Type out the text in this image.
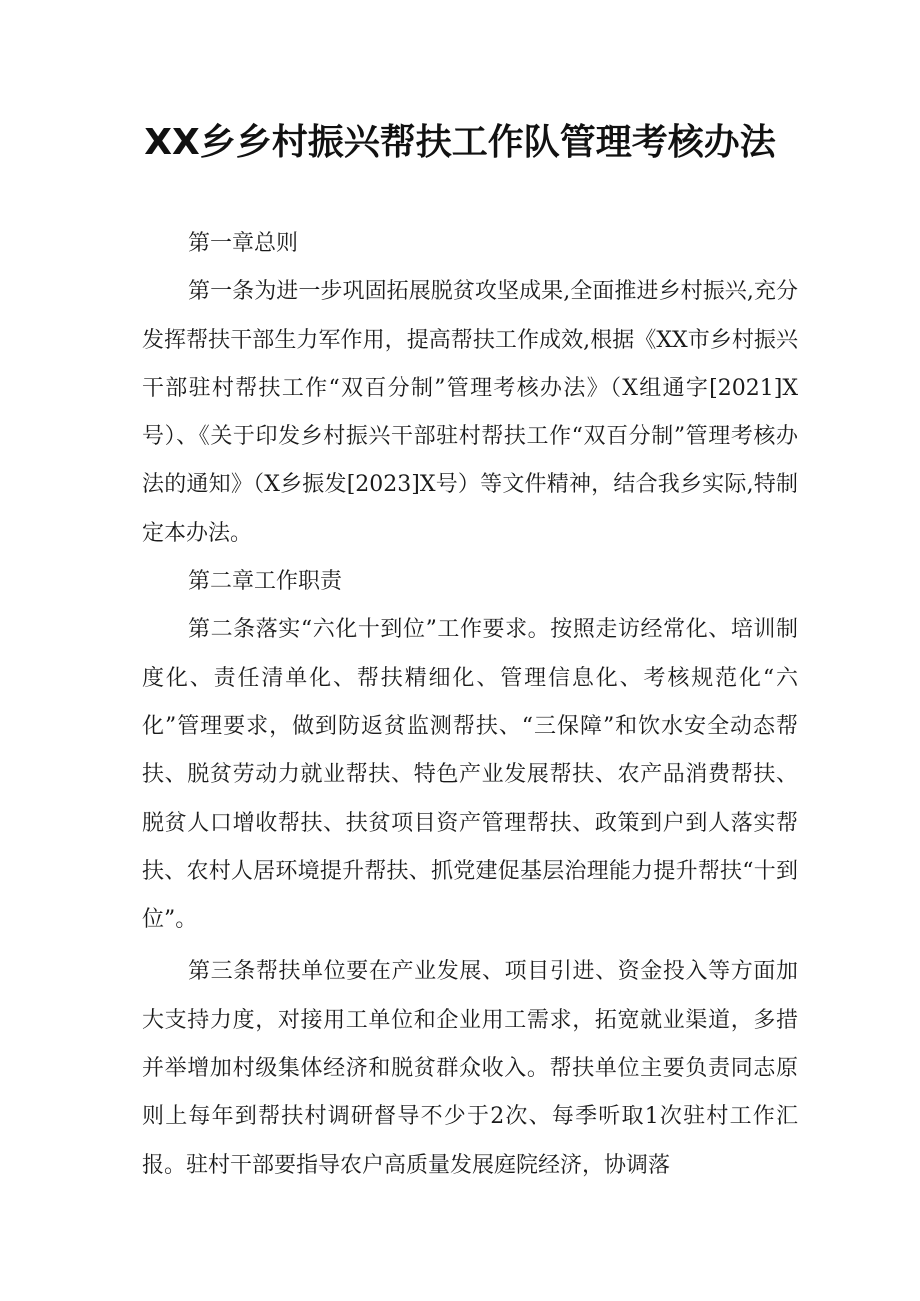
XX乡乡村振兴帮扶工作队管理考核办法

第一章总则

第一条为进一步巩固拓展脱贫攻坚成果,全面推进乡村振兴,充分发挥帮扶干部生力军作用，提高帮扶工作成效,根据《XX市乡村振兴干部驻村帮扶工作“双百分制”管理考核办法》（X组通字[2021]X号）、《关于印发乡村振兴干部驻村帮扶工作“双百分制”管理考核办法的通知》（X乡振发[2023]X号）等文件精神，结合我乡实际,特制定本办法。

第二章工作职责

第二条落实“六化十到位”工作要求。按照走访经常化、培训制度化、责任清单化、帮扶精细化、管理信息化、考核规范化“六化”管理要求，做到防返贫监测帮扶、“三保障”和饮水安全动态帮扶、脱贫劳动力就业帮扶、特色产业发展帮扶、农产品消费帮扶、脱贫人口增收帮扶、扶贫项目资产管理帮扶、政策到户到人落实帮扶、农村人居环境提升帮扶、抓党建促基层治理能力提升帮扶“十到位”。

第三条帮扶单位要在产业发展、项目引进、资金投入等方面加大支持力度，对接用工单位和企业用工需求，拓宽就业渠道，多措并举增加村级集体经济和脱贫群众收入。帮扶单位主要负责同志原则上每年到帮扶村调研督导不少于2次、每季听取1次驻村工作汇报。驻村干部要指导农户高质量发展庭院经济，协调落
